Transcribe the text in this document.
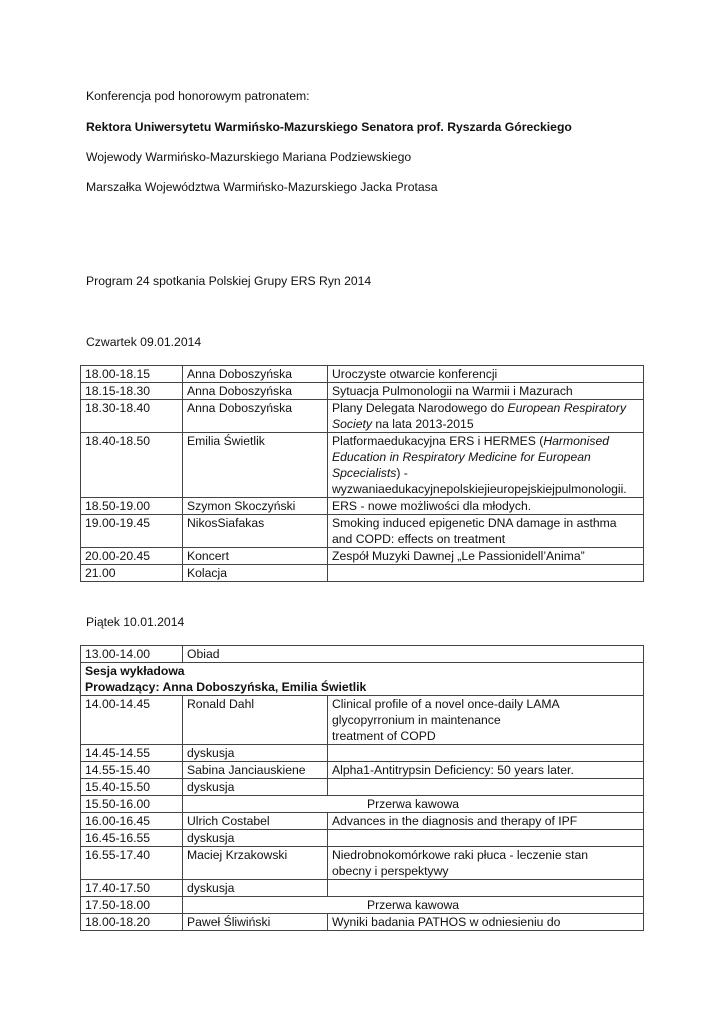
Konferencja pod honorowym patronatem:
Rektora Uniwersytetu Warmińsko-Mazurskiego Senatora prof. Ryszarda Góreckiego
Wojewody Warmińsko-Mazurskiego Mariana Podziewskiego
Marszałka Województwa Warmińsko-Mazurskiego Jacka Protasa
Program 24 spotkania Polskiej Grupy ERS Ryn 2014
Czwartek 09.01.2014
18.00-18.15	Anna Doboszyńska	Uroczyste otwarcie konferencji
18.15-18.30	Anna Doboszyńska	Sytuacja Pulmonologii na Warmii i Mazurach
18.30-18.40	Anna Doboszyńska	Plany Delegata Narodowego do European Respiratory
Society na lata 2013-2015
18.40-18.50	Emilia Świetlik	Platformaedukacyjna ERS i HERMES (Harmonised
Education in Respiratory Medicine for European
Spcecialists) -
wyzwaniaedukacyjnepolskiejieuropejskiejpulmonologii.
18.50-19.00	Szymon Skoczyński	ERS - nowe możliwości dla młodych.
19.00-19.45	NikosSiafakas	Smoking induced epigenetic DNA damage in asthma
and COPD: effects on treatment
20.00-20.45	Koncert	Zespół Muzyki Dawnej „Le Passionidell’Anima”
21.00	Kolacja	
Piątek 10.01.2014
13.00-14.00	Obiad	
Sesja wykładowa
Prowadzący: Anna Doboszyńska, Emilia Świetlik		
14.00-14.45	Ronald Dahl	Clinical profile of a novel once-daily LAMA
glycopyrronium in maintenance
treatment of COPD
14.45-14.55	dyskusja	
14.55-15.40	Sabina Janciauskiene	Alpha1-Antitrypsin Deficiency: 50 years later.
15.40-15.50	dyskusja	
15.50-16.00	Przerwa kawowa	
16.00-16.45	Ulrich Costabel	Advances in the diagnosis and therapy of IPF
16.45-16.55	dyskusja	
16.55-17.40	Maciej Krzakowski	Niedrobnokomórkowe raki płuca - leczenie stan
obecny i perspektywy
17.40-17.50	dyskusja	
17.50-18.00	Przerwa kawowa	
18.00-18.20	Paweł Śliwiński	Wyniki badania PATHOS w odniesieniu do
